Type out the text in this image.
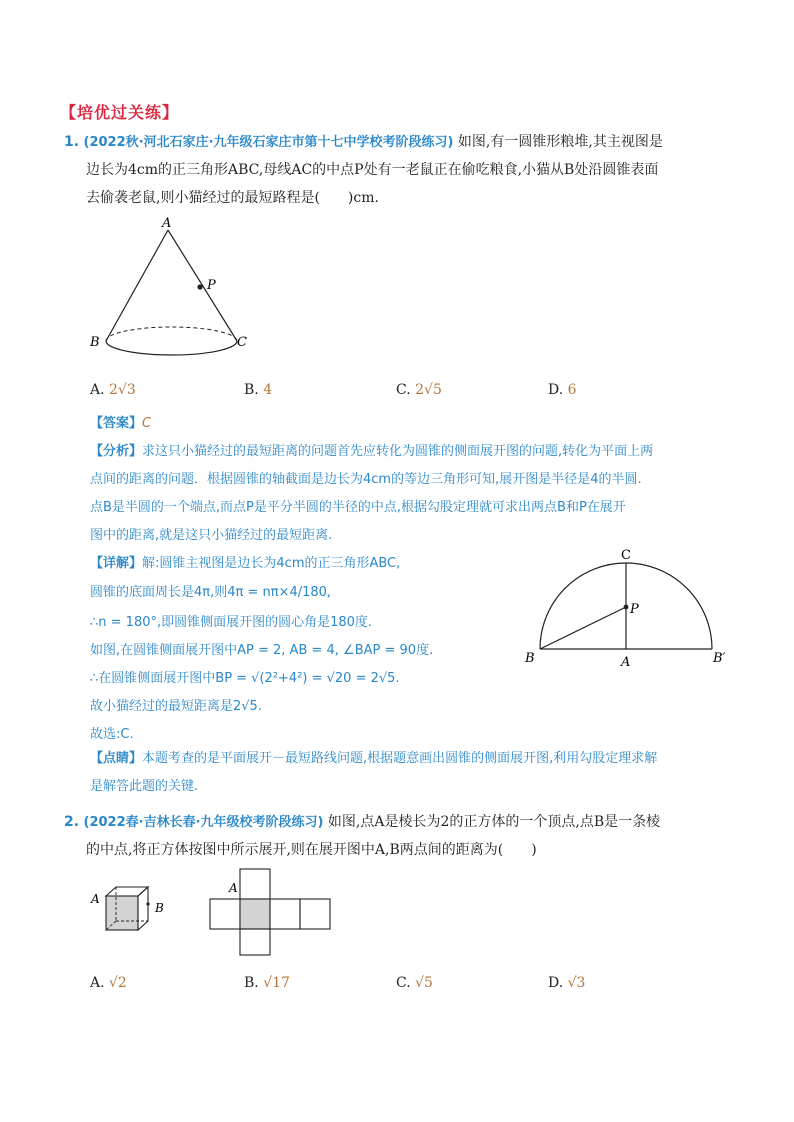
【培优过关练】
1. (2022秋·河北石家庄·九年级石家庄市第十七中学校考阶段练习) 如图,有一圆锥形粮堆,其主视图是
边长为4cm的正三角形ABC,母线AC的中点P处有一老鼠正在偷吃粮食,小猫从B处沿圆锥表面
去偷袭老鼠,则小猫经过的最短路程是(　　)cm.
A
P
B	C
A. 2√3	B. 4	C. 2√5	D. 6
【答案】C
【分析】求这只小猫经过的最短距离的问题首先应转化为圆锥的侧面展开图的问题,转化为平面上两
点间的距离的问题．根据圆锥的轴截面是边长为4cm的等边三角形可知,展开图是半径是4的半圆.
点B是半圆的一个端点,而点P是平分半圆的半径的中点,根据勾股定理就可求出两点B和P在展开
图中的距离,就是这只小猫经过的最短距离.
【详解】解:圆锥主视图是边长为4cm的正三角形ABC,
圆锥的底面周长是4π,则4π = nπ×4/180,
∴n = 180°,即圆锥侧面展开图的圆心角是180度.
如图,在圆锥侧面展开图中AP = 2, AB = 4, ∠BAP = 90度.
∴在圆锥侧面展开图中BP = √(2²+4²) = √20 = 2√5.
故小猫经过的最短距离是2√5.
故选:C.
C
P
B	A	B′
【点睛】本题考查的是平面展开－最短路线问题,根据题意画出圆锥的侧面展开图,利用勾股定理求解
是解答此题的关键.
2. (2022春·吉林长春·九年级校考阶段练习) 如图,点A是棱长为2的正方体的一个顶点,点B是一条棱
的中点,将正方体按图中所示展开,则在展开图中A,B两点间的距离为(　　)
A
B
A
A. √2	B. √17	C. √5	D. √3
